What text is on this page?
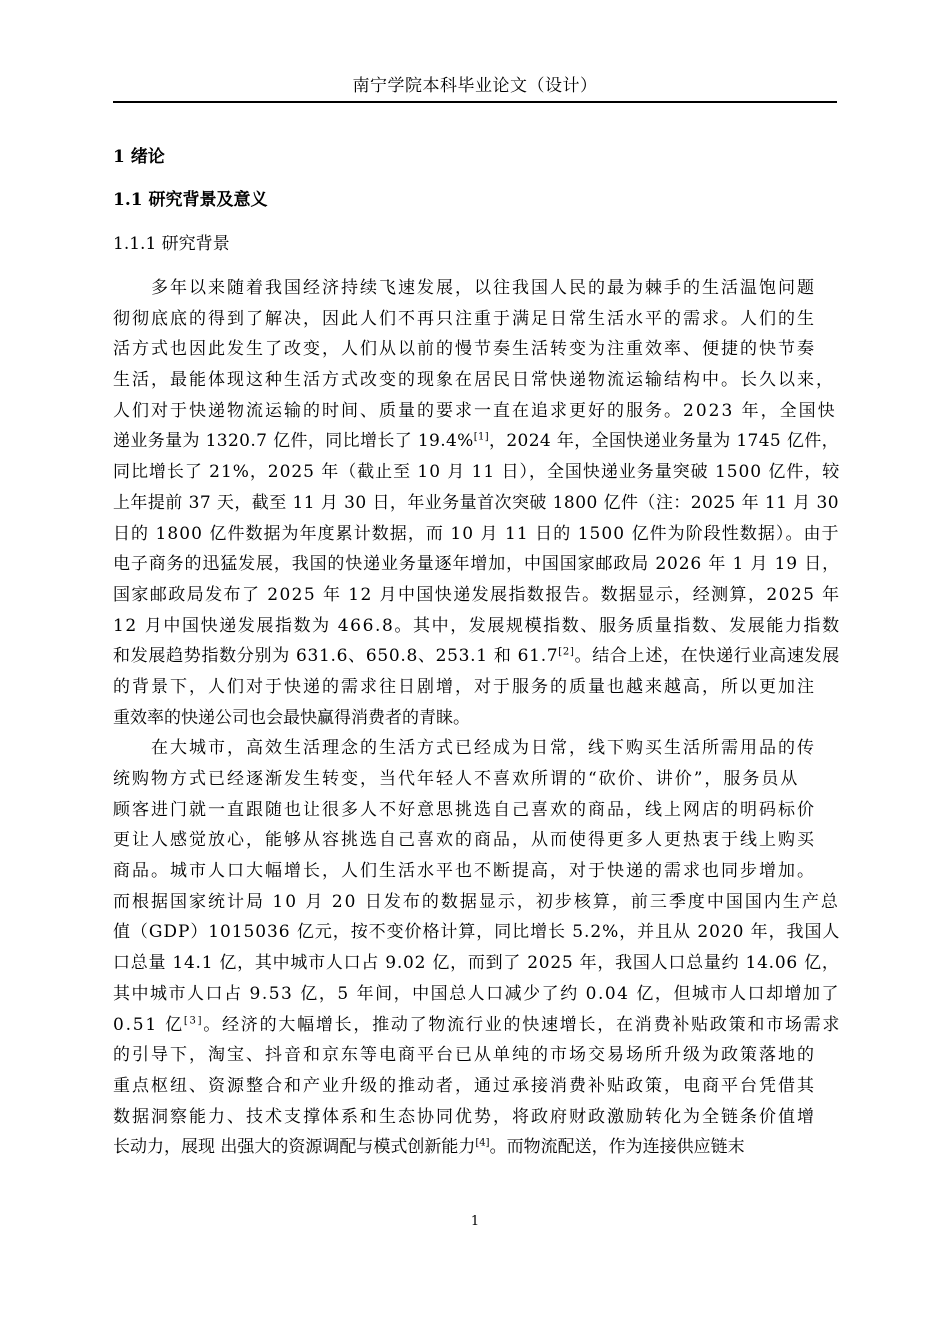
南宁学院本科毕业论文（设计）
1 绪论
1.1 研究背景及意义
1.1.1 研究背景
多年以来随着我国经济持续飞速发展，以往我国人民的最为棘手的生活温饱问题
彻彻底底的得到了解决，因此人们不再只注重于满足日常生活水平的需求。人们的生
活方式也因此发生了改变，人们从以前的慢节奏生活转变为注重效率、便捷的快节奏
生活，最能体现这种生活方式改变的现象在居民日常快递物流运输结构中。长久以来，
人们对于快递物流运输的时间、质量的要求一直在追求更好的服务。2023 年，全国快
递业务量为 1320.7 亿件，同比增长了 19.4%[1]，2024 年，全国快递业务量为 1745 亿件，
同比增长了 21%，2025 年（截止至 10 月 11 日），全国快递业务量突破 1500 亿件，较
上年提前 37 天，截至 11 月 30 日，年业务量首次突破 1800 亿件（注：2025 年 11 月 30
日的 1800 亿件数据为年度累计数据，而 10 月 11 日的 1500 亿件为阶段性数据）。由于
电子商务的迅猛发展，我国的快递业务量逐年增加，中国国家邮政局 2026 年 1 月 19 日，
国家邮政局发布了 2025 年 12 月中国快递发展指数报告。数据显示，经测算，2025 年
12 月中国快递发展指数为 466.8。其中，发展规模指数、服务质量指数、发展能力指数
和发展趋势指数分别为 631.6、650.8、253.1 和 61.7[2]。结合上述，在快递行业高速发展
的背景下，人们对于快递的需求往日剧增，对于服务的质量也越来越高，所以更加注
重效率的快递公司也会最快赢得消费者的青睐。
在大城市，高效生活理念的生活方式已经成为日常，线下购买生活所需用品的传
统购物方式已经逐渐发生转变，当代年轻人不喜欢所谓的“砍价、讲价”，服务员从
顾客进门就一直跟随也让很多人不好意思挑选自己喜欢的商品，线上网店的明码标价
更让人感觉放心，能够从容挑选自己喜欢的商品，从而使得更多人更热衷于线上购买
商品。城市人口大幅增长，人们生活水平也不断提高，对于快递的需求也同步增加。
而根据国家统计局 10 月 20 日发布的数据显示，初步核算，前三季度中国国内生产总
值（GDP）1015036 亿元，按不变价格计算，同比增长 5.2%，并且从 2020 年，我国人
口总量 14.1 亿，其中城市人口占 9.02 亿，而到了 2025 年，我国人口总量约 14.06 亿，
其中城市人口占 9.53 亿，5 年间，中国总人口减少了约 0.04 亿，但城市人口却增加了
0.51 亿[3]。经济的大幅增长，推动了物流行业的快速增长，在消费补贴政策和市场需求
的引导下，淘宝、抖音和京东等电商平台已从单纯的市场交易场所升级为政策落地的
重点枢纽、资源整合和产业升级的推动者，通过承接消费补贴政策，电商平台凭借其
数据洞察能力、技术支撑体系和生态协同优势，将政府财政激励转化为全链条价值增
长动力，展现 出强大的资源调配与模式创新能力[4]。而物流配送，作为连接供应链末
1
